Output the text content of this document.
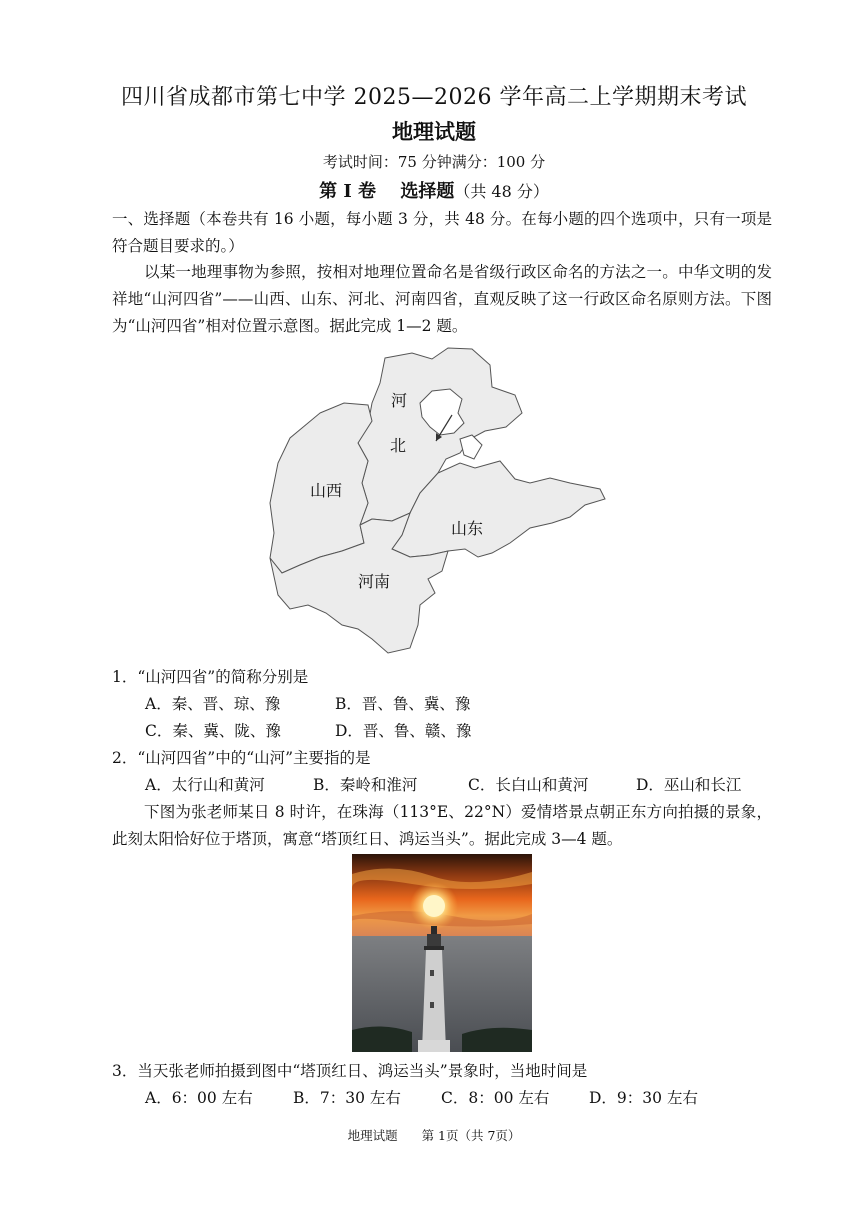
四川省成都市第七中学 2025—2026 学年高二上学期期末考试
地理试题
考试时间：75 分钟满分：100 分
第 I 卷　 选择题（共 48 分）
一、选择题（本卷共有 16 小题，每小题 3 分，共 48 分。在每小题的四个选项中，只有一项是符合题目要求的。）
以某一地理事物为参照，按相对地理位置命名是省级行政区命名的方法之一。中华文明的发祥地“山河四省”——山西、山东、河北、河南四省，直观反映了这一行政区命名原则方法。下图为“山河四省”相对位置示意图。据此完成 1—2 题。
河
北
山西
山东
河南
1．“山河四省”的简称分别是
A．秦、晋、琼、豫	B．晋、鲁、冀、豫
C．秦、冀、陇、豫	D．晋、鲁、赣、豫
2．“山河四省”中的“山河”主要指的是
A．太行山和黄河	B．秦岭和淮河	C．长白山和黄河	D．巫山和长江
下图为张老师某日 8 时许，在珠海（113°E、22°N）爱情塔景点朝正东方向拍摄的景象，此刻太阳恰好位于塔顶，寓意“塔顶红日、鸿运当头”。据此完成 3—4 题。
3．当天张老师拍摄到图中“塔顶红日、鸿运当头”景象时，当地时间是
A．6：00 左右	B．7：30 左右	C．8：00 左右	D．9：30 左右
地理试题 第 1页（共 7页）
